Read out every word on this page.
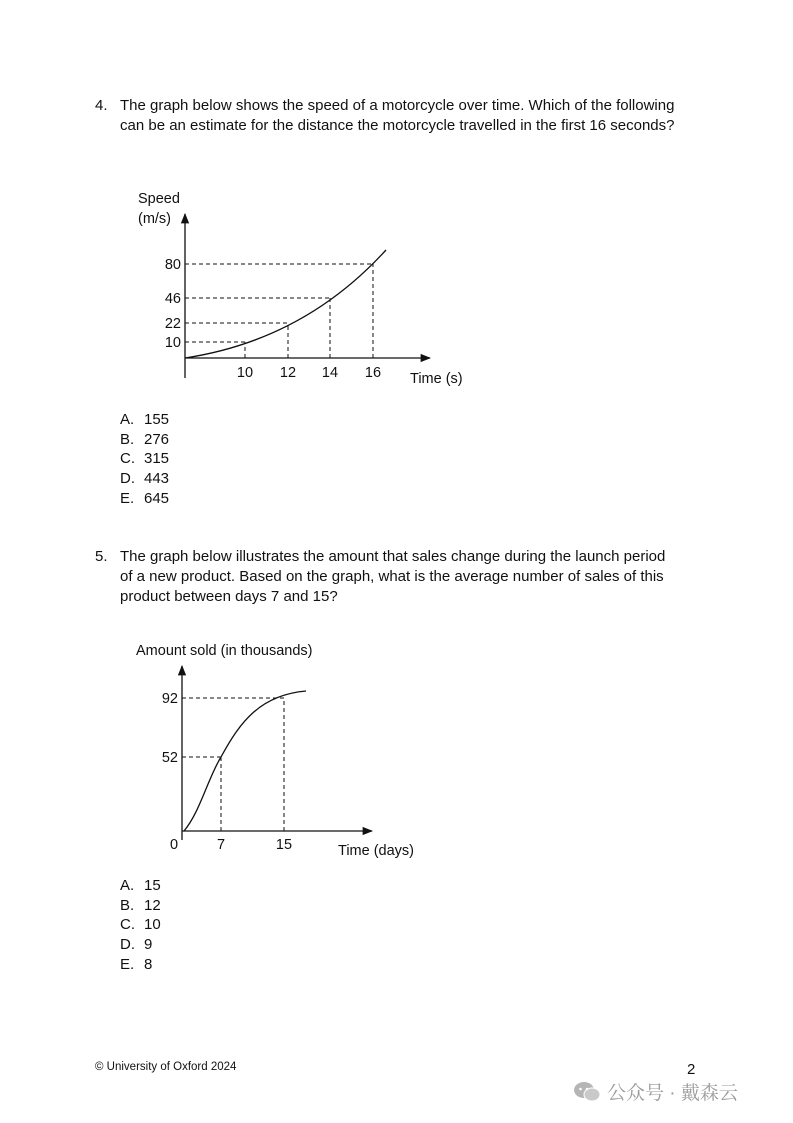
4. The graph below shows the speed of a motorcycle over time. Which of the following
can be an estimate for the distance the motorcycle travelled in the first 16 seconds?
Speed
(m/s)
Time (s)
10 12 14 16
10
22
46
80
A. 155
B. 276
C. 315
D. 443
E. 645
5. The graph below illustrates the amount that sales change during the launch period
of a new product. Based on the graph, what is the average number of sales of this
product between days 7 and 15?
Amount sold (in thousands)
Time (days)
0	7	15
52
92
A. 15
B. 12
C. 10
D. 9
E. 8
© University of Oxford 2024	2
公众号 · 戴森云
